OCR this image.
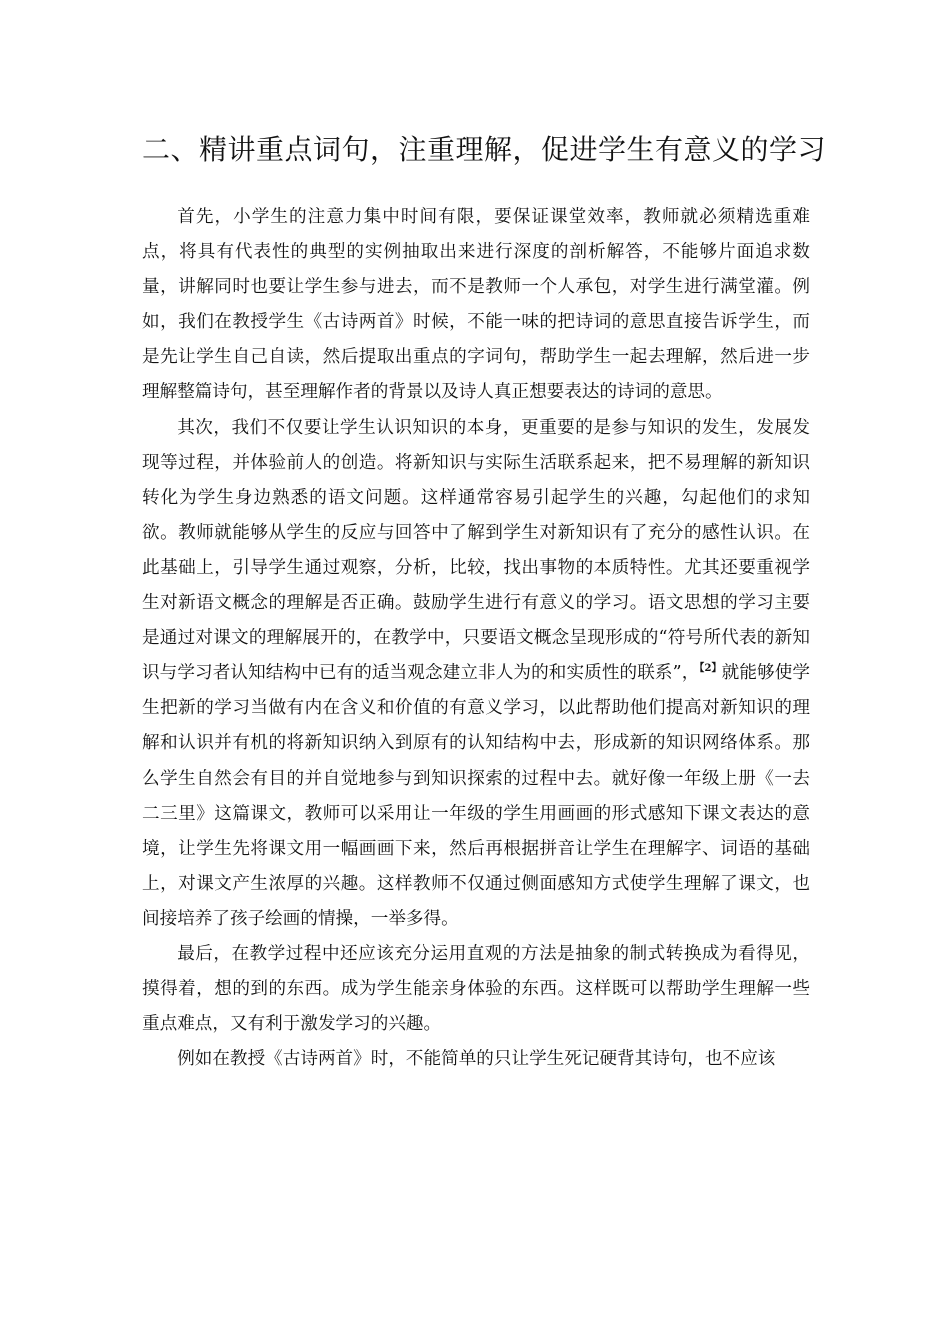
二、精讲重点词句，注重理解，促进学生有意义的学习

首先，小学生的注意力集中时间有限，要保证课堂效率，教师就必须精选重难点，将具有代表性的典型的实例抽取出来进行深度的剖析解答，不能够片面追求数量，讲解同时也要让学生参与进去，而不是教师一个人承包，对学生进行满堂灌。例如，我们在教授学生《古诗两首》时候，不能一味的把诗词的意思直接告诉学生，而是先让学生自己自读，然后提取出重点的字词句，帮助学生一起去理解，然后进一步理解整篇诗句，甚至理解作者的背景以及诗人真正想要表达的诗词的意思。

其次，我们不仅要让学生认识知识的本身，更重要的是参与知识的发生，发展发现等过程，并体验前人的创造。将新知识与实际生活联系起来，把不易理解的新知识转化为学生身边熟悉的语文问题。这样通常容易引起学生的兴趣，勾起他们的求知欲。教师就能够从学生的反应与回答中了解到学生对新知识有了充分的感性认识。在此基础上，引导学生通过观察，分析，比较，找出事物的本质特性。尤其还要重视学生对新语文概念的理解是否正确。鼓励学生进行有意义的学习。语文思想的学习主要是通过对课文的理解展开的，在教学中，只要语文概念呈现形成的“符号所代表的新知识与学习者认知结构中已有的适当观念建立非人为的和实质性的联系”，$^{【2】}$就能够使学生把新的学习当做有内在含义和价值的有意义学习，以此帮助他们提高对新知识的理解和认识并有机的将新知识纳入到原有的认知结构中去，形成新的知识网络体系。那么学生自然会有目的并自觉地参与到知识探索的过程中去。就好像一年级上册《一去二三里》这篇课文，教师可以采用让一年级的学生用画画的形式感知下课文表达的意境，让学生先将课文用一幅画画下来，然后再根据拼音让学生在理解字、词语的基础上，对课文产生浓厚的兴趣。这样教师不仅通过侧面感知方式使学生理解了课文，也间接培养了孩子绘画的情操，一举多得。

最后，在教学过程中还应该充分运用直观的方法是抽象的制式转换成为看得见，摸得着，想的到的东西。成为学生能亲身体验的东西。这样既可以帮助学生理解一些重点难点，又有利于激发学习的兴趣。

例如在教授《古诗两首》时，不能简单的只让学生死记硬背其诗句，也不应该
